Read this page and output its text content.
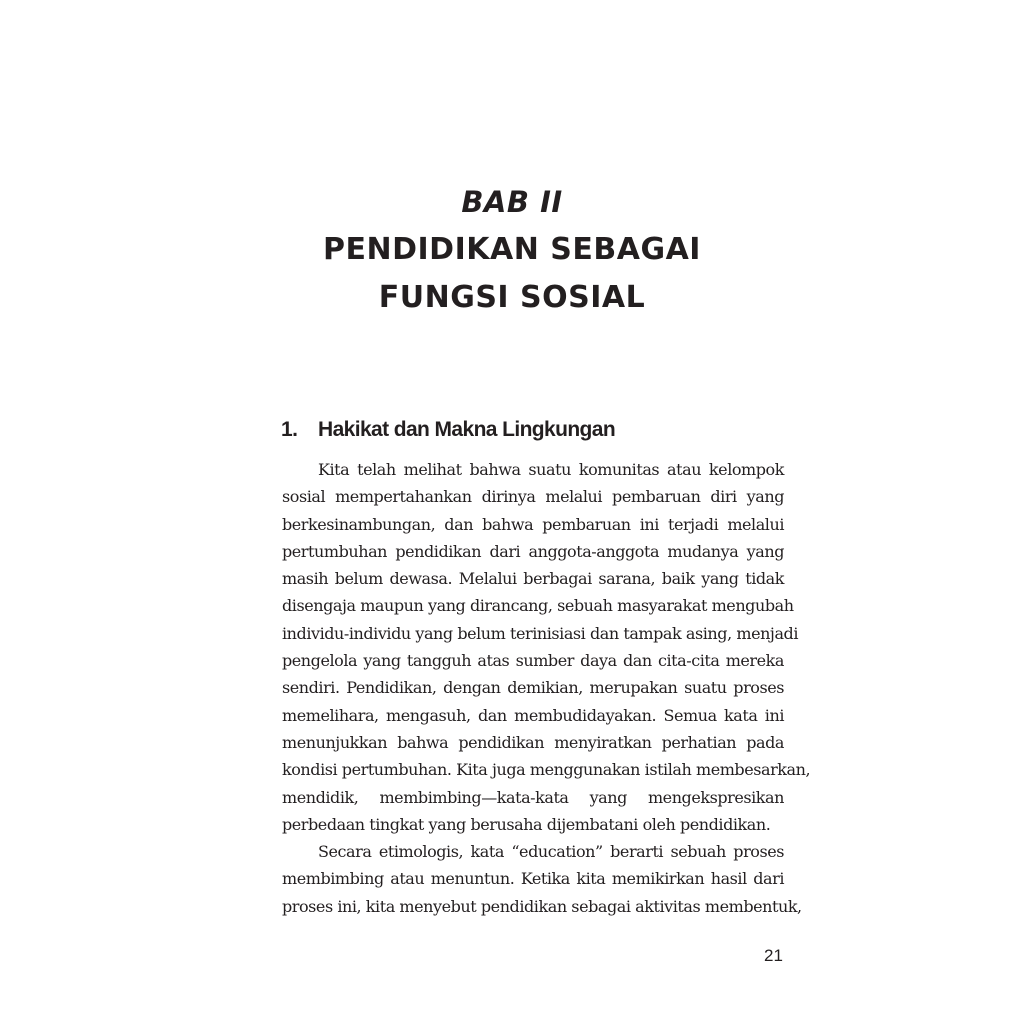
BAB II
PENDIDIKAN SEBAGAI
FUNGSI SOSIAL
1. Hakikat dan Makna Lingkungan
Kita telah melihat bahwa suatu komunitas atau kelompok
sosial mempertahankan dirinya melalui pembaruan diri yang
berkesinambungan, dan bahwa pembaruan ini terjadi melalui
pertumbuhan pendidikan dari anggota-anggota mudanya yang
masih belum dewasa. Melalui berbagai sarana, baik yang tidak
disengaja maupun yang dirancang, sebuah masyarakat mengubah
individu-individu yang belum terinisiasi dan tampak asing, menjadi
pengelola yang tangguh atas sumber daya dan cita-cita mereka
sendiri. Pendidikan, dengan demikian, merupakan suatu proses
memelihara, mengasuh, dan membudidayakan. Semua kata ini
menunjukkan bahwa pendidikan menyiratkan perhatian pada
kondisi pertumbuhan. Kita juga menggunakan istilah membesarkan,
mendidik, membimbing—kata-kata yang mengekspresikan
perbedaan tingkat yang berusaha dijembatani oleh pendidikan.
Secara etimologis, kata “education” berarti sebuah proses
membimbing atau menuntun. Ketika kita memikirkan hasil dari
proses ini, kita menyebut pendidikan sebagai aktivitas membentuk,
21
